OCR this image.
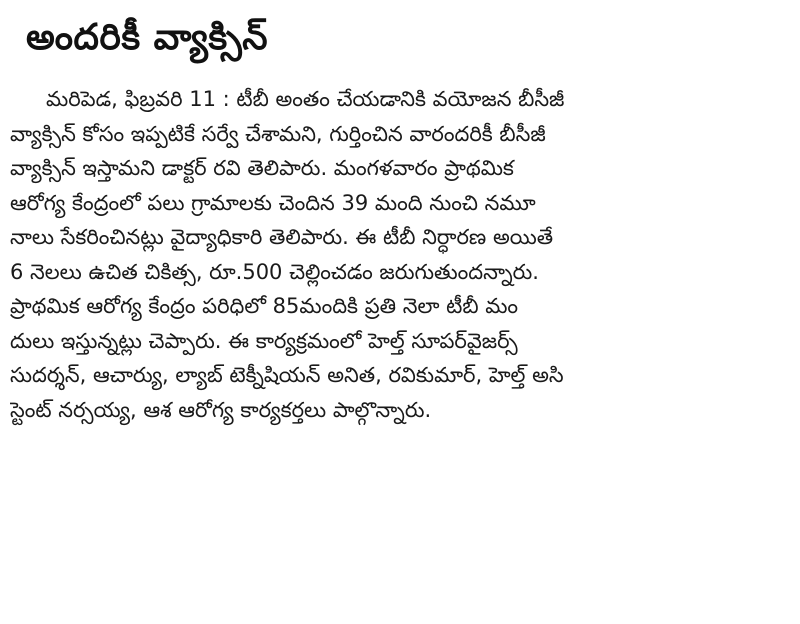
అందరికీ వ్యాక్సిన్
మరిపెడ, ఫిబ్రవరి 11 : టీబీ అంతం చేయడానికి వయోజన బీసీజీ
వ్యాక్సిన్ కోసం ఇప్పటికే సర్వే చేశామని, గుర్తించిన వారందరికీ బీసీజీ
వ్యాక్సిన్ ఇస్తామని డాక్టర్ రవి తెలిపారు. మంగళవారం ప్రాథమిక
ఆరోగ్య కేంద్రంలో పలు గ్రామాలకు చెందిన 39 మంది నుంచి నమూ
నాలు సేకరించినట్లు వైద్యాధికారి తెలిపారు. ఈ టీబీ నిర్ధారణ అయితే
6 నెలలు ఉచిత చికిత్స, రూ.500 చెల్లించడం జరుగుతుందన్నారు.
ప్రాథమిక ఆరోగ్య కేంద్రం పరిధిలో 85మందికి ప్రతి నెలా టీబీ మం
దులు ఇస్తున్నట్లు చెప్పారు. ఈ కార్యక్రమంలో హెల్త్ సూపర్‌వైజర్స్
సుదర్శన్, ఆచార్యు, ల్యాబ్ టెక్నీషియన్ అనిత, రవికుమార్, హెల్త్ అసి
స్టెంట్ నర్సయ్య, ఆశ ఆరోగ్య కార్యకర్తలు పాల్గొన్నారు.
